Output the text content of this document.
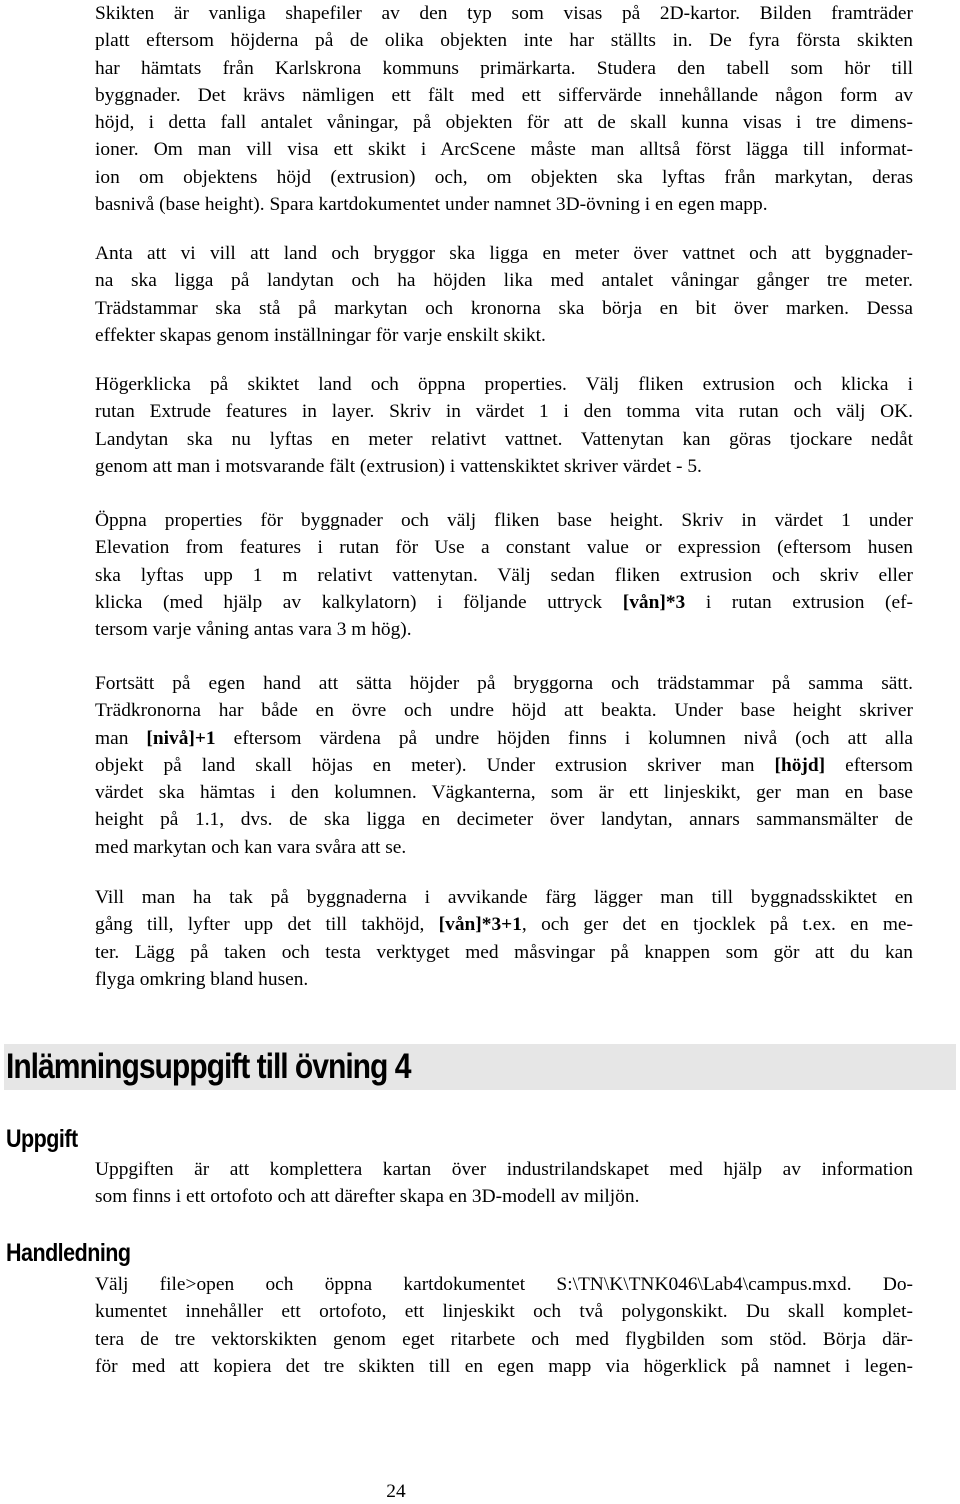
Skikten är vanliga shapefiler av den typ som visas på 2D-kartor. Bilden framträder
platt eftersom höjderna på de olika objekten inte har ställts in. De fyra första skikten
har hämtats från Karlskrona kommuns primärkarta. Studera den tabell som hör till
byggnader. Det krävs nämligen ett fält med ett siffervärde innehållande någon form av
höjd, i detta fall antalet våningar, på objekten för att de skall kunna visas i tre dimens-
ioner. Om man vill visa ett skikt i ArcScene måste man alltså först lägga till informat-
ion om objektens höjd (extrusion) och, om objekten ska lyftas från markytan, deras
basnivå (base height). Spara kartdokumentet under namnet 3D-övning i en egen mapp.
Anta att vi vill att land och bryggor ska ligga en meter över vattnet och att byggnader-
na ska ligga på landytan och ha höjden lika med antalet våningar gånger tre meter.
Trädstammar ska stå på markytan och kronorna ska börja en bit över marken. Dessa
effekter skapas genom inställningar för varje enskilt skikt.
Högerklicka på skiktet land och öppna properties. Välj fliken extrusion och klicka i
rutan Extrude features in layer. Skriv in värdet 1 i den tomma vita rutan och välj OK.
Landytan ska nu lyftas en meter relativt vattnet. Vattenytan kan göras tjockare nedåt
genom att man i motsvarande fält (extrusion) i vattenskiktet skriver värdet - 5.
Öppna properties för byggnader och välj fliken base height. Skriv in värdet 1 under
Elevation from features i rutan för Use a constant value or expression (eftersom husen
ska lyftas upp 1 m relativt vattenytan. Välj sedan fliken extrusion och skriv eller
klicka (med hjälp av kalkylatorn) i följande uttryck [vån]*3 i rutan extrusion (ef-
tersom varje våning antas vara 3 m hög).
Fortsätt på egen hand att sätta höjder på bryggorna och trädstammar på samma sätt.
Trädkronorna har både en övre och undre höjd att beakta. Under base height skriver
man [nivå]+1 eftersom värdena på undre höjden finns i kolumnen nivå (och att alla
objekt på land skall höjas en meter). Under extrusion skriver man [höjd] eftersom
värdet ska hämtas i den kolumnen. Vägkanterna, som är ett linjeskikt, ger man en base
height på 1.1, dvs. de ska ligga en decimeter över landytan, annars sammansmälter de
med markytan och kan vara svåra att se.
Vill man ha tak på byggnaderna i avvikande färg lägger man till byggnadsskiktet en
gång till, lyfter upp det till takhöjd, [vån]*3+1, och ger det en tjocklek på t.ex. en me-
ter. Lägg på taken och testa verktyget med måsvingar på knappen som gör att du kan
flyga omkring bland husen.
Inlämningsuppgift till övning 4
Uppgift
Uppgiften är att komplettera kartan över industrilandskapet med hjälp av information
som finns i ett ortofoto och att därefter skapa en 3D-modell av miljön.
Handledning
Välj file>open och öppna kartdokumentet S:\TN\K\TNK046\Lab4\campus.mxd. Do-
kumentet innehåller ett ortofoto, ett linjeskikt och två polygonskikt. Du skall komplet-
tera de tre vektorskikten genom eget ritarbete och med flygbilden som stöd. Börja där-
för med att kopiera det tre skikten till en egen mapp via högerklick på namnet i legen-
24
